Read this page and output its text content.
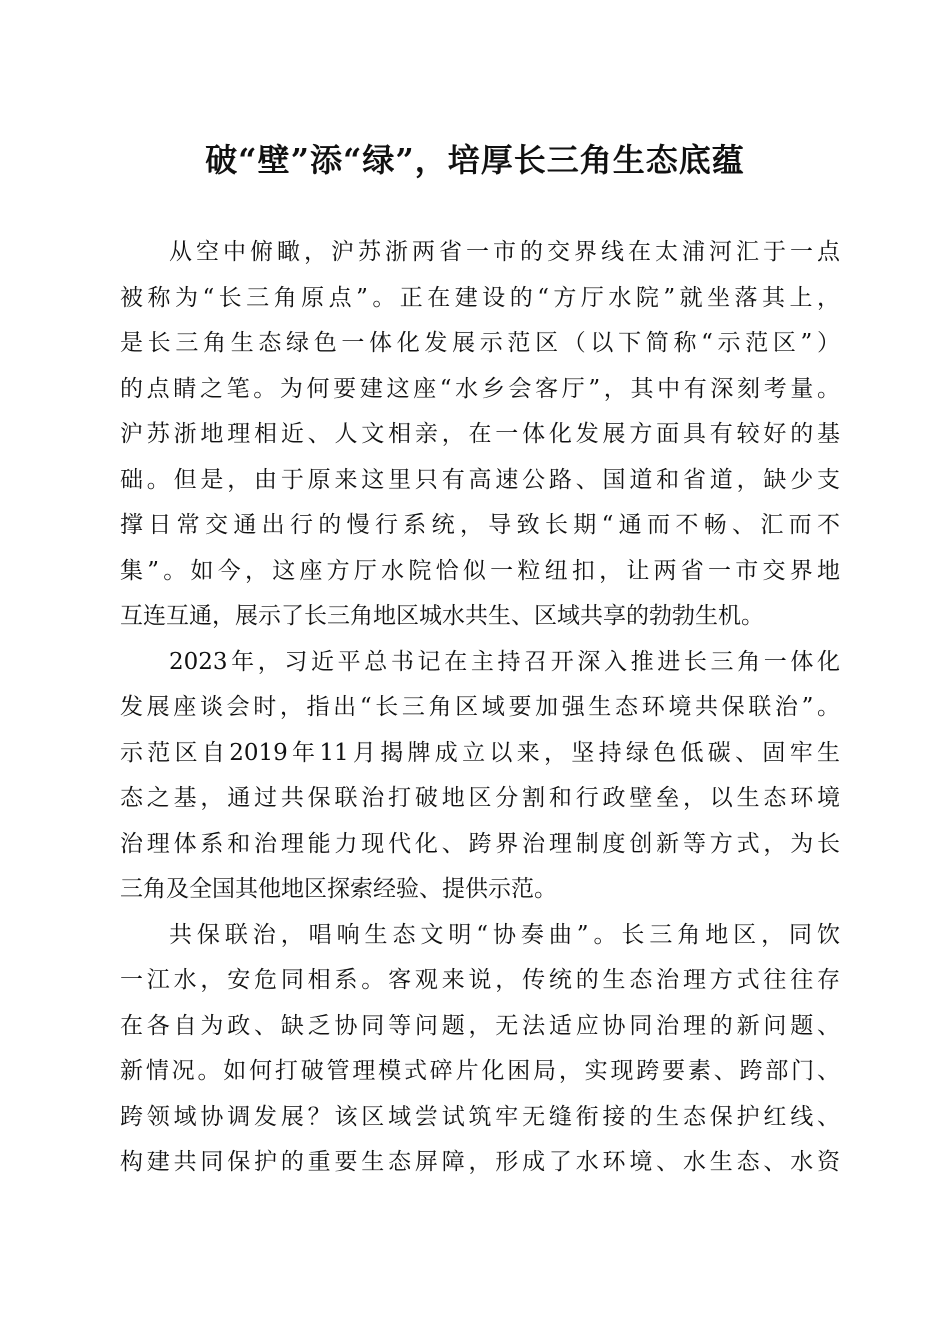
破“壁”添“绿”，培厚长三角生态底蕴
从空中俯瞰，沪苏浙两省一市的交界线在太浦河汇于一点
被称为“长三角原点”。正在建设的“方厅水院”就坐落其上，
是长三角生态绿色一体化发展示范区（以下简称“示范区”）
的点睛之笔。为何要建这座“水乡会客厅”，其中有深刻考量。
沪苏浙地理相近、人文相亲，在一体化发展方面具有较好的基
础。但是，由于原来这里只有高速公路、国道和省道，缺少支
撑日常交通出行的慢行系统，导致长期“通而不畅、汇而不
集”。如今，这座方厅水院恰似一粒纽扣，让两省一市交界地
互连互通，展示了长三角地区城水共生、区域共享的勃勃生机。
2023年，习近平总书记在主持召开深入推进长三角一体化
发展座谈会时，指出“长三角区域要加强生态环境共保联治”。
示范区自2019年11月揭牌成立以来，坚持绿色低碳、固牢生
态之基，通过共保联治打破地区分割和行政壁垒，以生态环境
治理体系和治理能力现代化、跨界治理制度创新等方式，为长
三角及全国其他地区探索经验、提供示范。
共保联治，唱响生态文明“协奏曲”。长三角地区，同饮
一江水，安危同相系。客观来说，传统的生态治理方式往往存
在各自为政、缺乏协同等问题，无法适应协同治理的新问题、
新情况。如何打破管理模式碎片化困局，实现跨要素、跨部门、
跨领域协调发展？该区域尝试筑牢无缝衔接的生态保护红线、
构建共同保护的重要生态屏障，形成了水环境、水生态、水资
